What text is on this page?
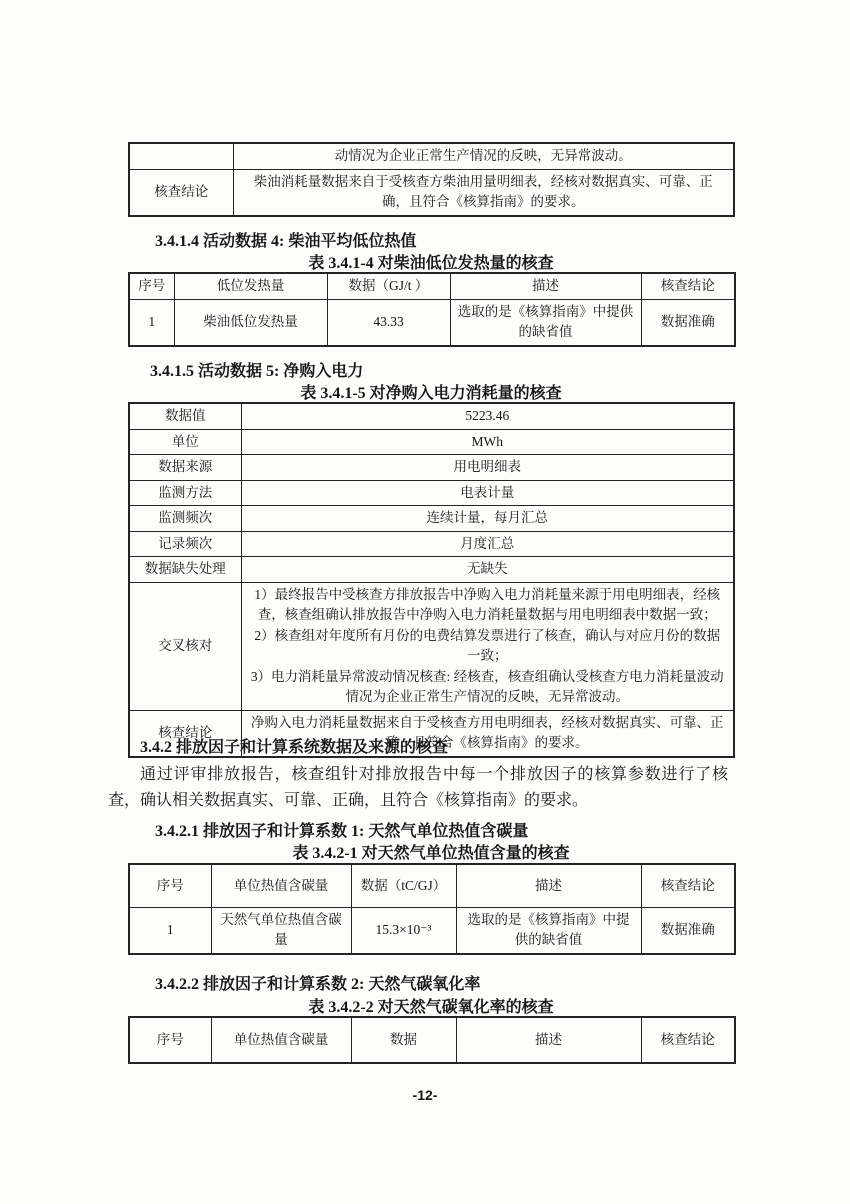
	动情况为企业正常生产情况的反映，无异常波动。
核查结论	柴油消耗量数据来自于受核查方柴油用量明细表，经核对数据真实、可靠、正确，且符合《核算指南》的要求。
3.4.1.4 活动数据 4: 柴油平均低位热值
表 3.4.1-4 对柴油低位发热量的核查
序号	低位发热量	数据（GJ/t ）	描述	核查结论
1	柴油低位发热量	43.33	选取的是《核算指南》中提供的缺省值	数据准确
3.4.1.5 活动数据 5: 净购入电力
表 3.4.1-5 对净购入电力消耗量的核查
数据值	5223.46
单位	MWh
数据来源	用电明细表
监测方法	电表计量
监测频次	连续计量，每月汇总
记录频次	月度汇总
数据缺失处理	无缺失
交叉核对	1）最终报告中受核查方排放报告中净购入电力消耗量来源于用电明细表，经核查，核查组确认排放报告中净购入电力消耗量数据与用电明细表中数据一致；
2）核查组对年度所有月份的电费结算发票进行了核查，确认与对应月份的数据一致；
3）电力消耗量异常波动情况核查: 经核查，核查组确认受核查方电力消耗量波动情况为企业正常生产情况的反映，无异常波动。

核查结论	净购入电力消耗量数据来自于受核查方用电明细表，经核对数据真实、可靠、正确，且符合《核算指南》的要求。
3.4.2 排放因子和计算系统数据及来源的核查
通过评审排放报告，核查组针对排放报告中每一个排放因子的核算参数进行了核查，确认相关数据真实、可靠、正确，且符合《核算指南》的要求。
3.4.2.1 排放因子和计算系数 1: 天然气单位热值含碳量
表 3.4.2-1 对天然气单位热值含量的核查
序号	单位热值含碳量	数据（tC/GJ）	描述	核查结论
1	天然气单位热值含碳量	15.3×10⁻³	选取的是《核算指南》中提供的缺省值	数据准确
3.4.2.2 排放因子和计算系数 2: 天然气碳氧化率
表 3.4.2-2 对天然气碳氧化率的核查
序号	单位热值含碳量	数据	描述	核查结论
-12-
